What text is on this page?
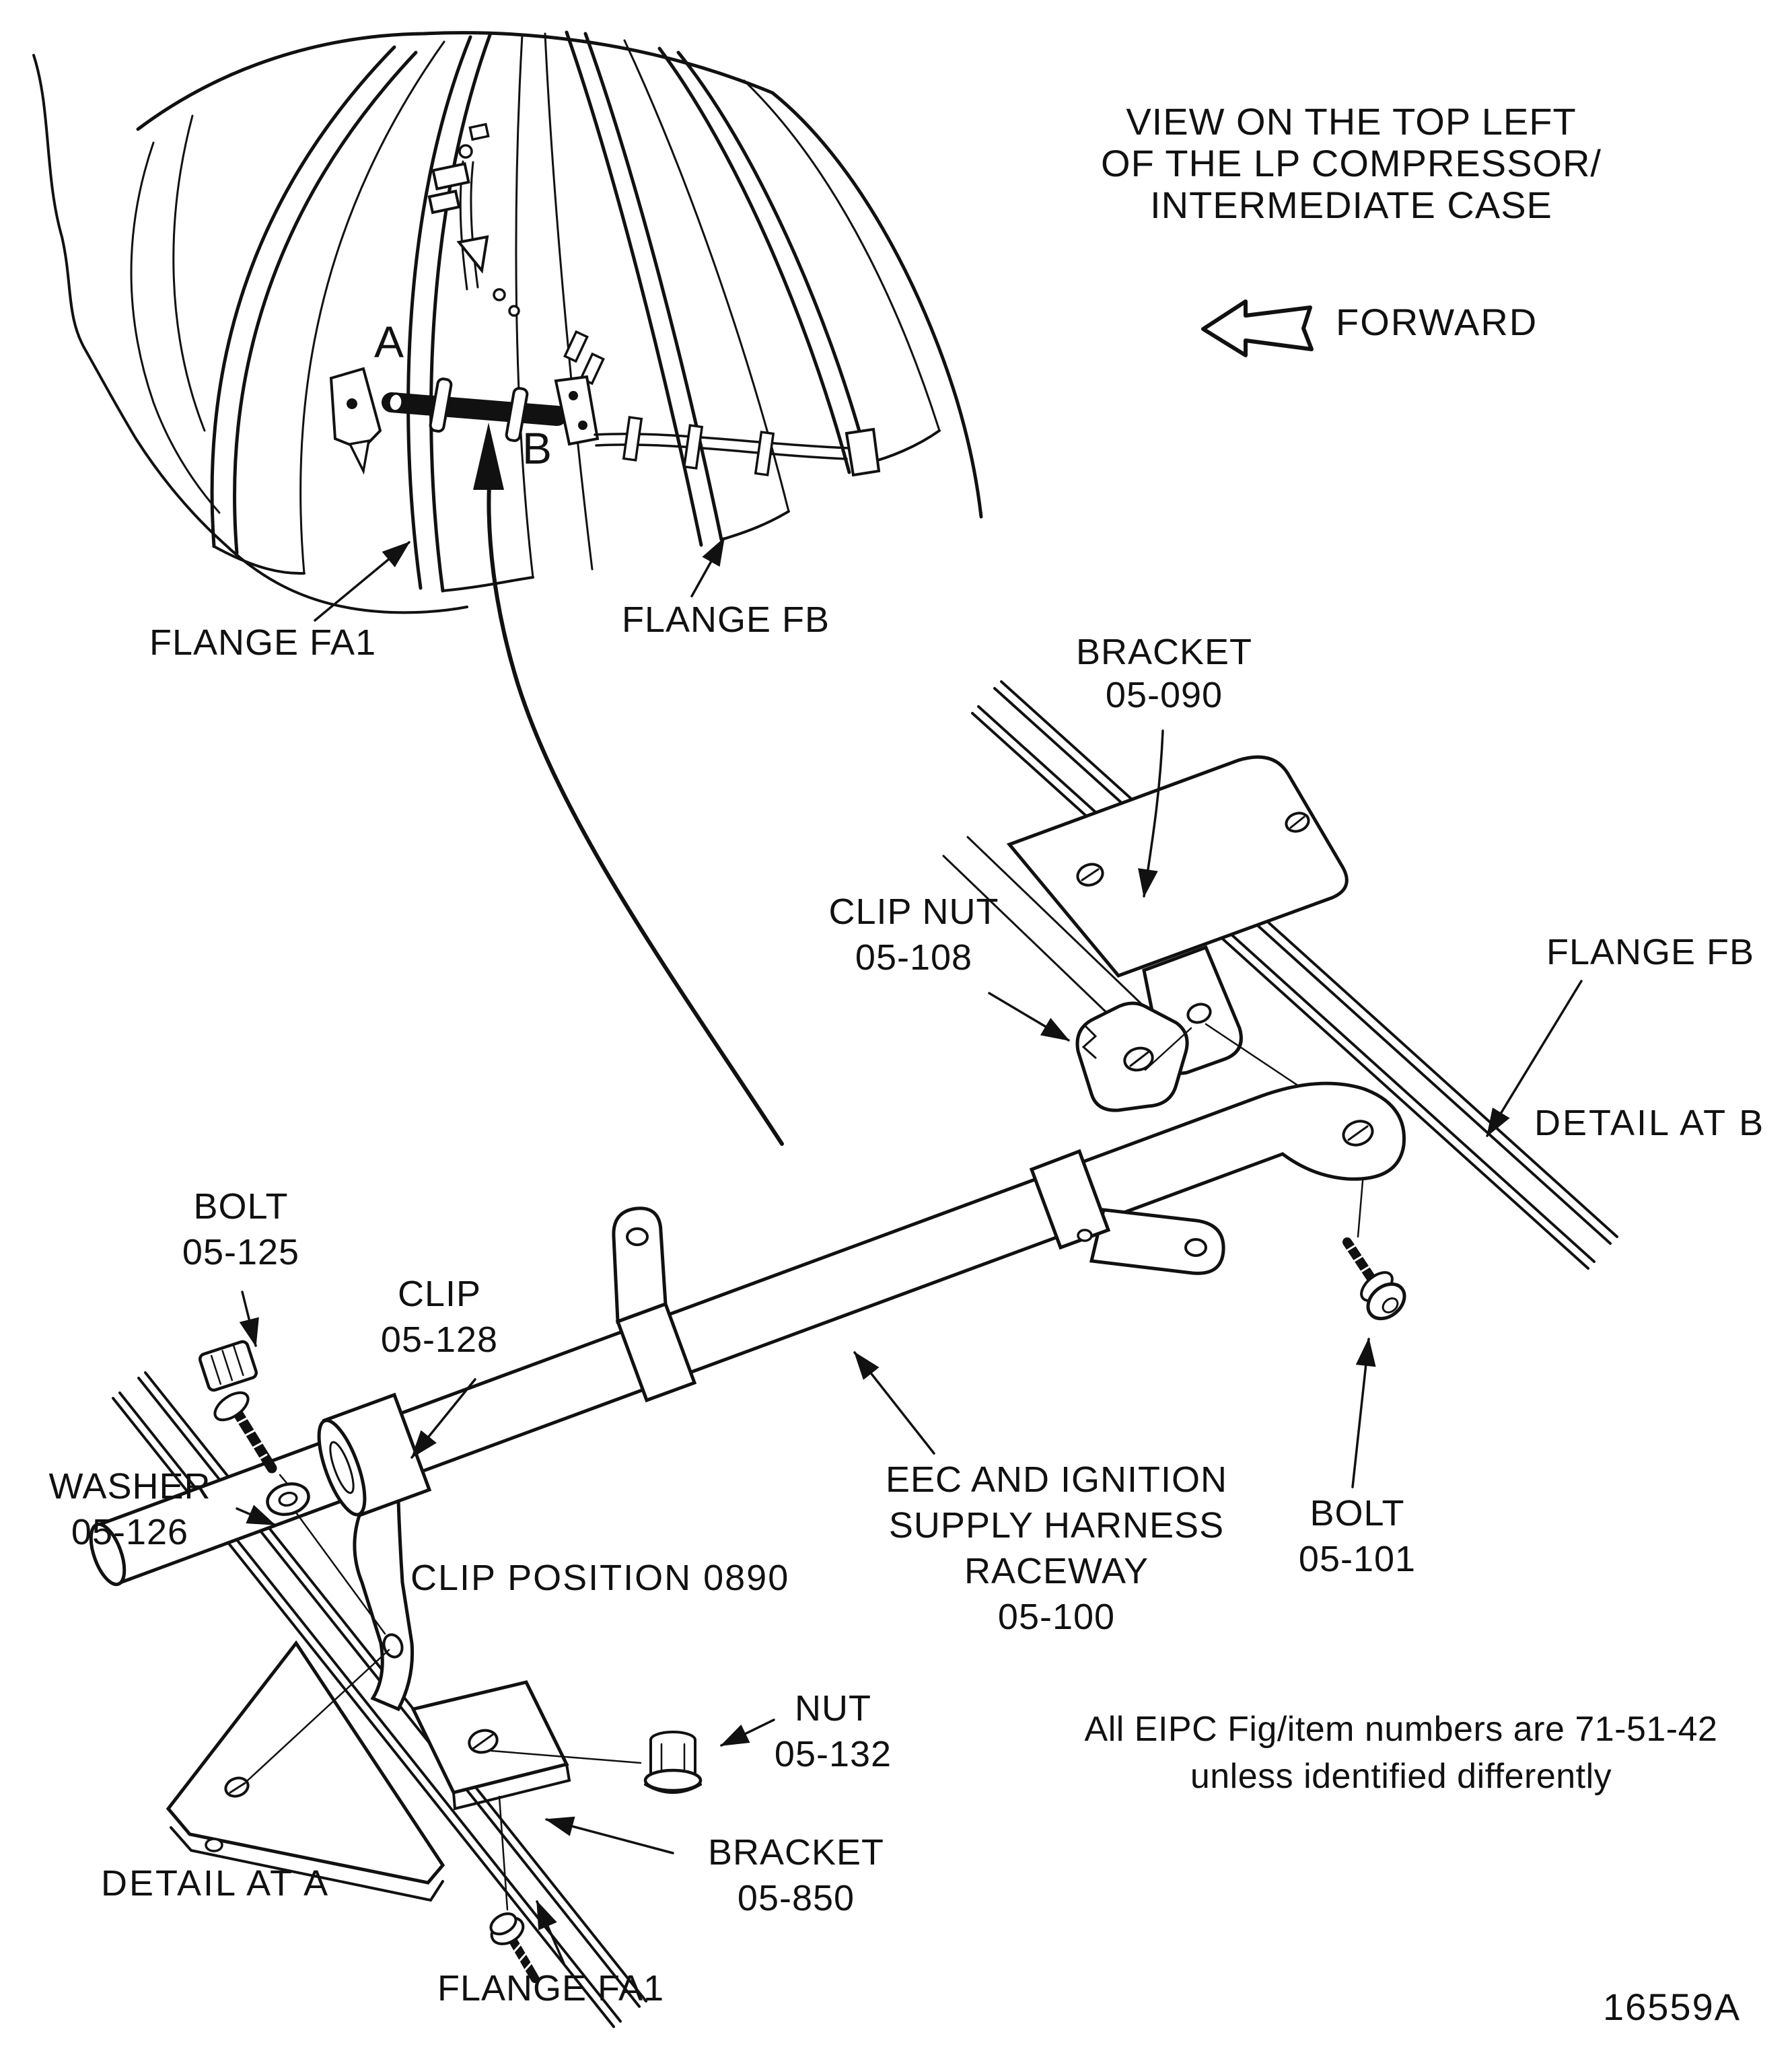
VIEW ON THE TOP LEFT
OF THE LP COMPRESSOR/
INTERMEDIATE CASE
FORWARD
A
B
FLANGE FA1
FLANGE FB
BRACKET
05-090
CLIP NUT
05-108	FLANGE FB
DETAIL AT B
BOLT
05-101
BOLT
05-125
CLIP
05-128
WASHER
05-126
CLIP POSITION 0890
EEC AND IGNITION
SUPPLY HARNESS
RACEWAY
05-100
NUT
05-132
BRACKET
05-850
DETAIL AT A
FLANGE FA1
All EIPC Fig/item numbers are 71-51-42
unless identified differently
16559A
